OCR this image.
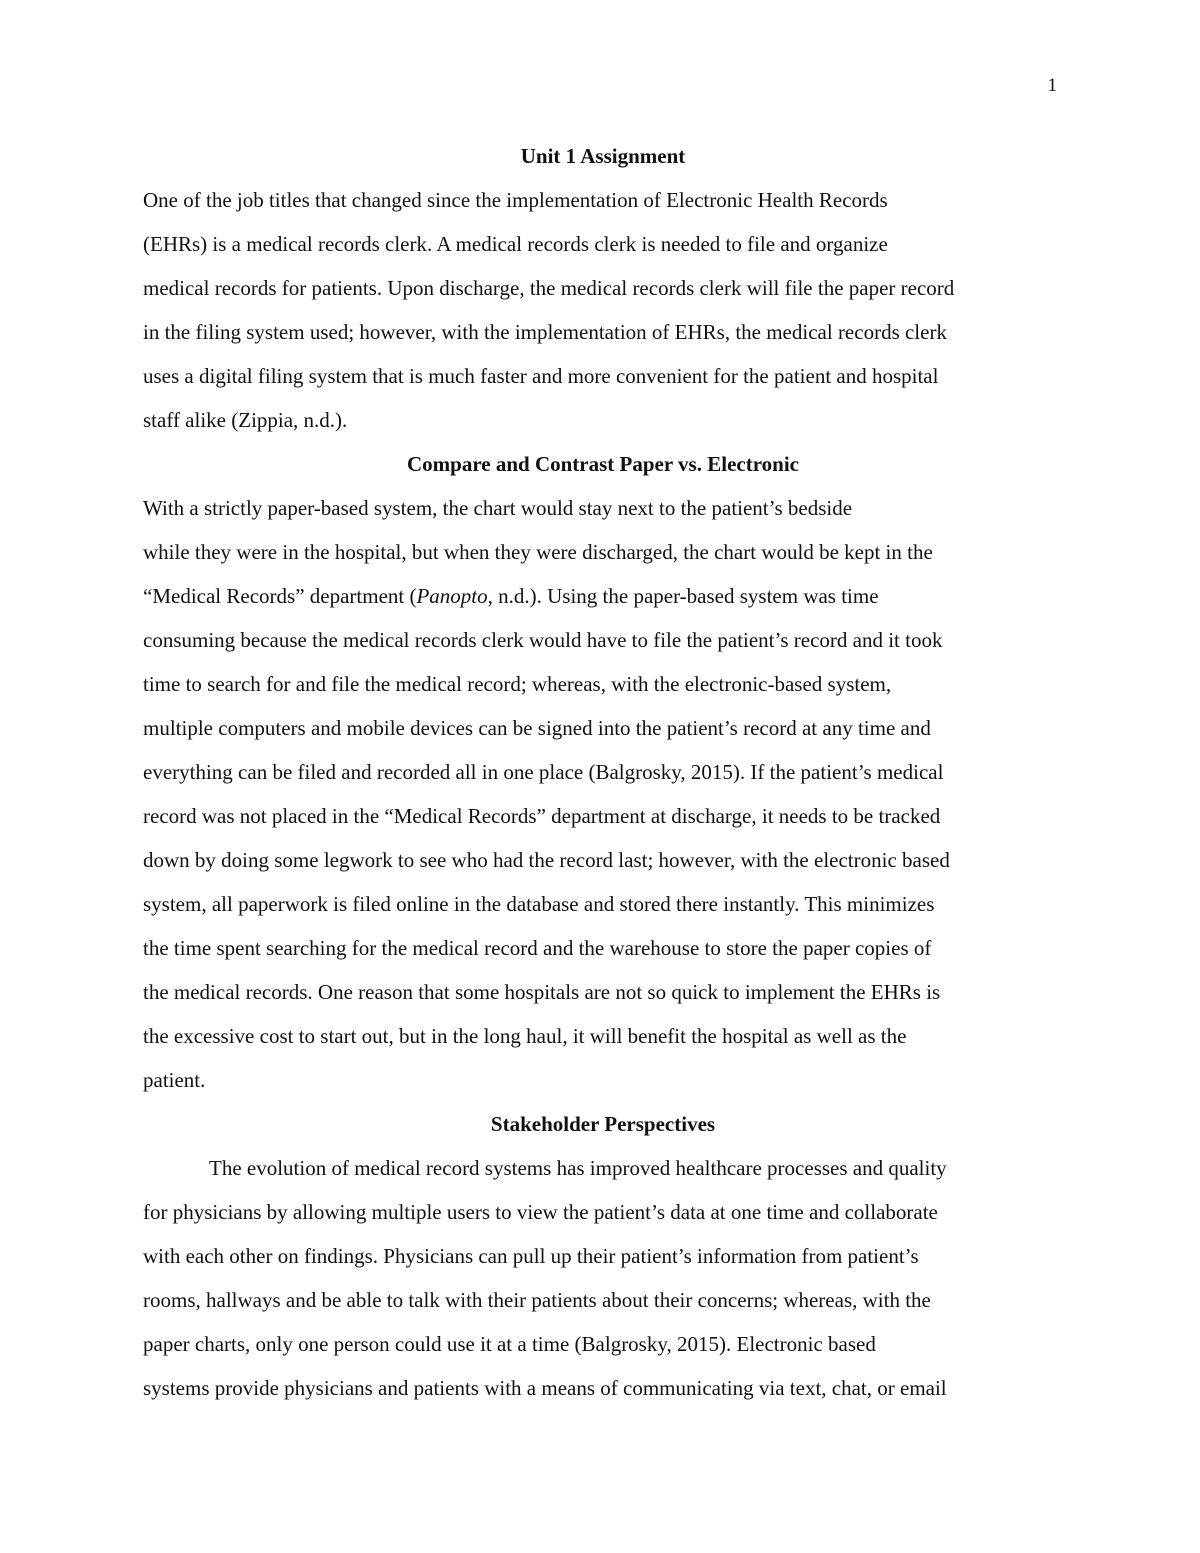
1
Unit 1 Assignment
One of the job titles that changed since the implementation of Electronic Health Records
(EHRs) is a medical records clerk. A medical records clerk is needed to file and organize
medical records for patients. Upon discharge, the medical records clerk will file the paper record
in the filing system used; however, with the implementation of EHRs, the medical records clerk
uses a digital filing system that is much faster and more convenient for the patient and hospital
staff alike (Zippia, n.d.).
Compare and Contrast Paper vs. Electronic
With a strictly paper-based system, the chart would stay next to the patient’s bedside
while they were in the hospital, but when they were discharged, the chart would be kept in the
“Medical Records” department (Panopto, n.d.). Using the paper-based system was time
consuming because the medical records clerk would have to file the patient’s record and it took
time to search for and file the medical record; whereas, with the electronic-based system,
multiple computers and mobile devices can be signed into the patient’s record at any time and
everything can be filed and recorded all in one place (Balgrosky, 2015). If the patient’s medical
record was not placed in the “Medical Records” department at discharge, it needs to be tracked
down by doing some legwork to see who had the record last; however, with the electronic based
system, all paperwork is filed online in the database and stored there instantly. This minimizes
the time spent searching for the medical record and the warehouse to store the paper copies of
the medical records. One reason that some hospitals are not so quick to implement the EHRs is
the excessive cost to start out, but in the long haul, it will benefit the hospital as well as the
patient.
Stakeholder Perspectives
The evolution of medical record systems has improved healthcare processes and quality
for physicians by allowing multiple users to view the patient’s data at one time and collaborate
with each other on findings. Physicians can pull up their patient’s information from patient’s
rooms, hallways and be able to talk with their patients about their concerns; whereas, with the
paper charts, only one person could use it at a time (Balgrosky, 2015). Electronic based
systems provide physicians and patients with a means of communicating via text, chat, or email
